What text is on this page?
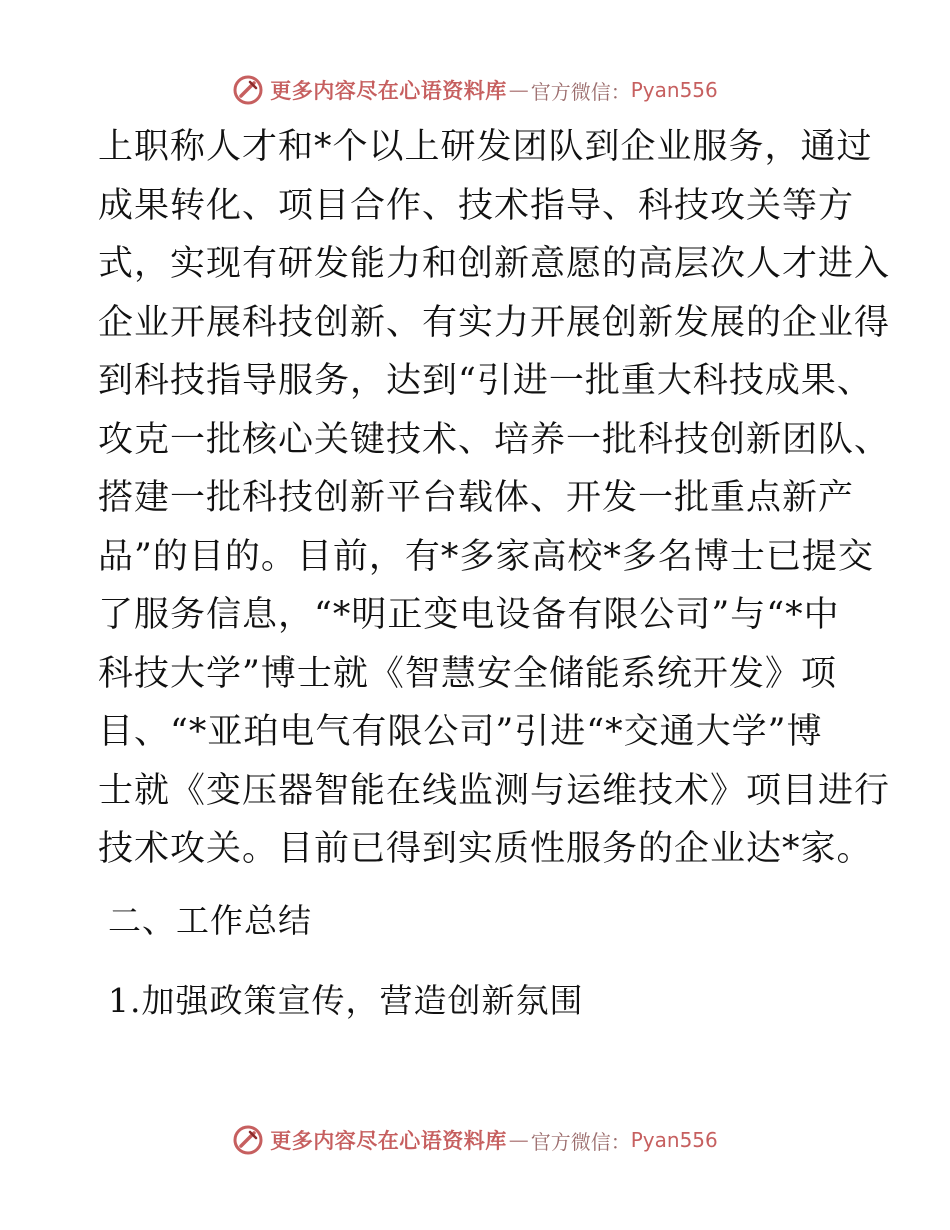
更多内容尽在心语资料库 — 官方微信： Pyan556
上职称人才和*个以上研发团队到企业服务，通过
成果转化、项目合作、技术指导、科技攻关等方
式，实现有研发能力和创新意愿的高层次人才进入
企业开展科技创新、有实力开展创新发展的企业得
到科技指导服务，达到“引进一批重大科技成果、
攻克一批核心关键技术、培养一批科技创新团队、
搭建一批科技创新平台载体、开发一批重点新产
品”的目的。目前，有*多家高校*多名博士已提交
了服务信息，“*明正变电设备有限公司”与“*中
科技大学”博士就《智慧安全储能系统开发》项
目、“*亚珀电气有限公司”引进“*交通大学”博
士就《变压器智能在线监测与运维技术》项目进行
技术攻关。目前已得到实质性服务的企业达*家。
二、工作总结
1.加强政策宣传，营造创新氛围
更多内容尽在心语资料库 — 官方微信： Pyan556
